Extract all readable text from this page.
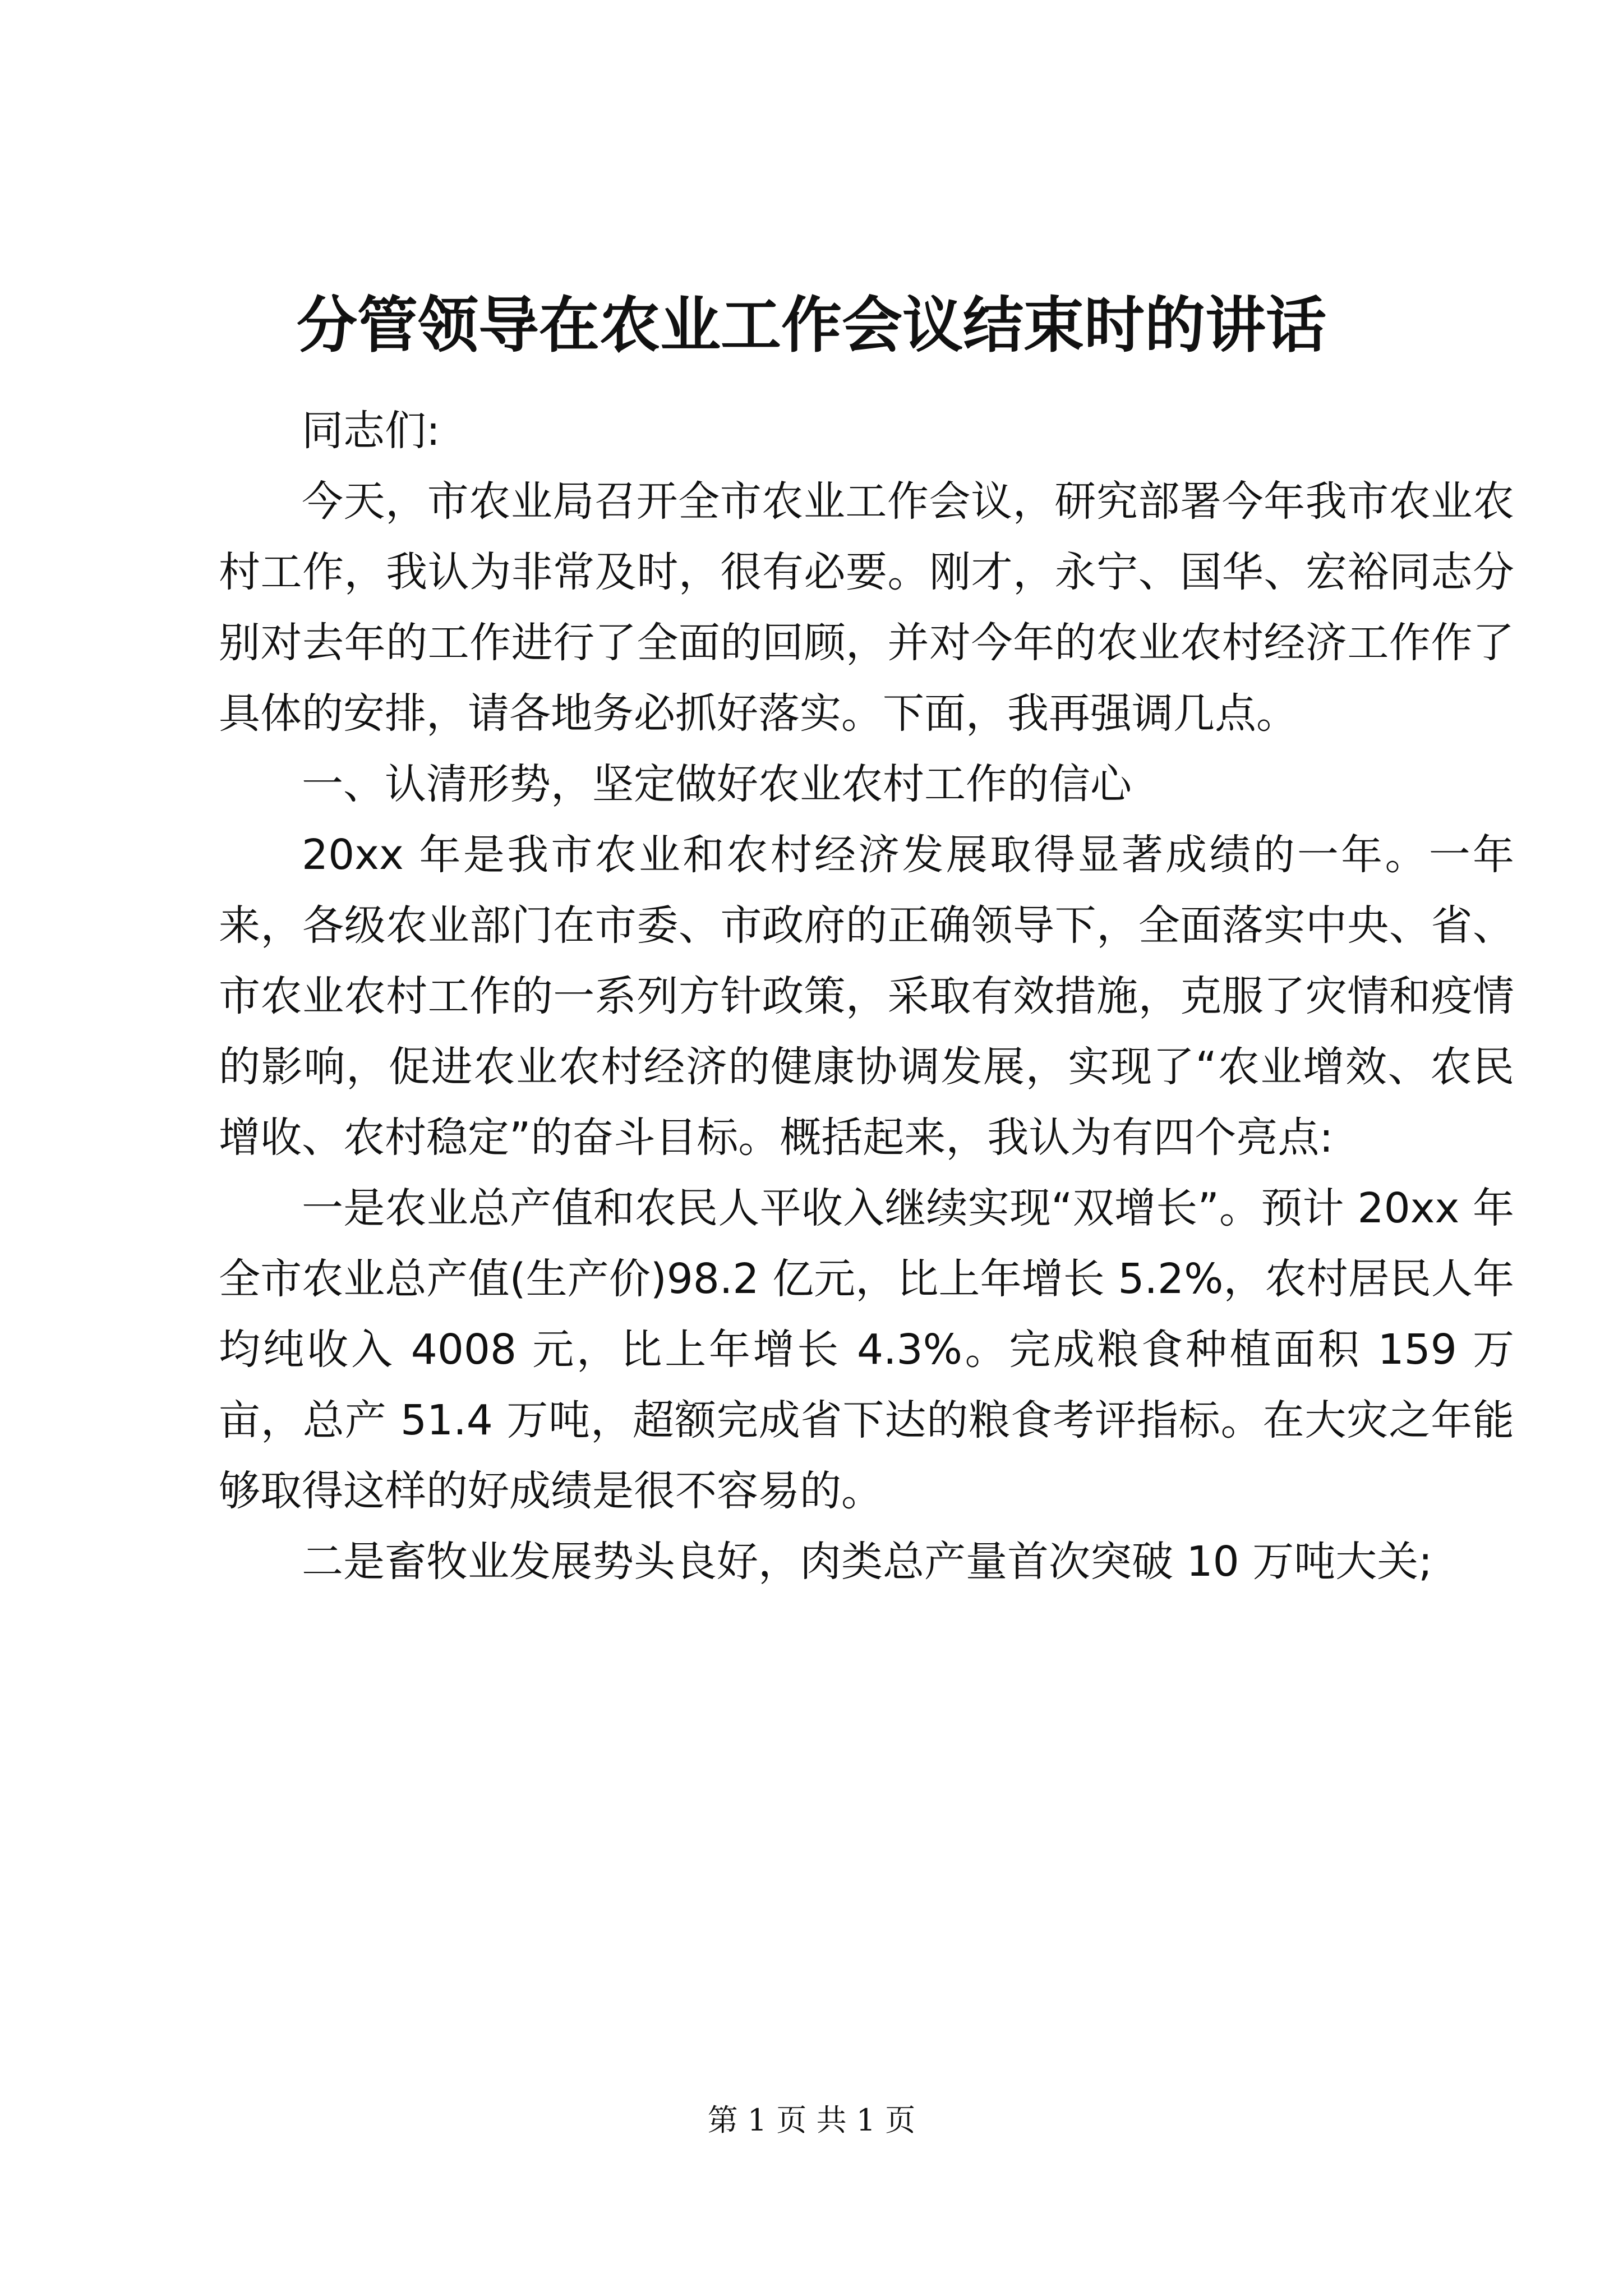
分管领导在农业工作会议结束时的讲话

同志们:

今天，市农业局召开全市农业工作会议，研究部署今年我市农业农村工作，我认为非常及时，很有必要。刚才，永宁、国华、宏裕同志分别对去年的工作进行了全面的回顾，并对今年的农业农村经济工作作了具体的安排，请各地务必抓好落实。下面，我再强调几点。

一、认清形势，坚定做好农业农村工作的信心

20xx 年是我市农业和农村经济发展取得显著成绩的一年。一年来，各级农业部门在市委、市政府的正确领导下，全面落实中央、省、市农业农村工作的一系列方针政策，采取有效措施，克服了灾情和疫情的影响，促进农业农村经济的健康协调发展，实现了“农业增效、农民增收、农村稳定”的奋斗目标。概括起来，我认为有四个亮点:

一是农业总产值和农民人平收入继续实现“双增长”。预计 20xx 年全市农业总产值(生产价)98.2 亿元，比上年增长 5.2%，农村居民人年均纯收入 4008 元，比上年增长 4.3%。完成粮食种植面积 159 万亩，总产 51.4 万吨，超额完成省下达的粮食考评指标。在大灾之年能够取得这样的好成绩是很不容易的。

二是畜牧业发展势头良好，肉类总产量首次突破 10 万吨大关;

第 1 页 共 1 页
